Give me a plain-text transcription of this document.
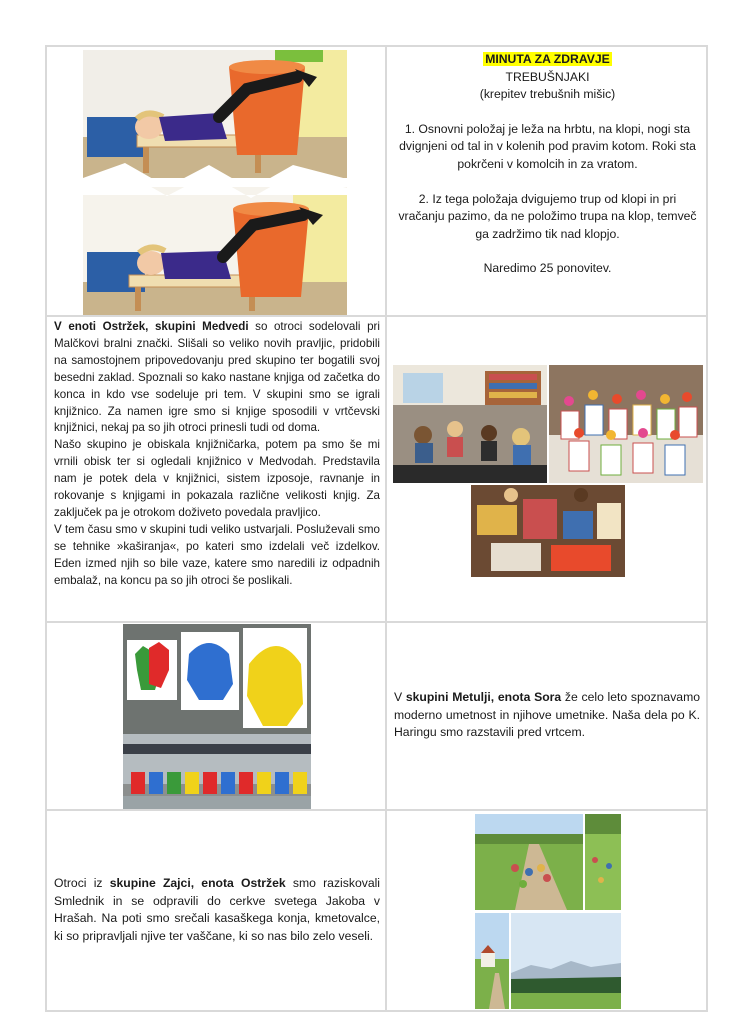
MINUTA ZA ZDRAVJE
TREBUŠNJAKI
(krepitev trebušnih mišic)
1. Osnovni položaj je leža na hrbtu, na klopi, nogi sta dvignjeni od tal in v kolenih pod pravim kotom. Roki sta pokrčeni v komolcih in za vratom.
2. Iz tega položaja dvigujemo trup od klopi in pri vračanju pazimo, da ne položimo trupa na klop, temveč ga zadržimo tik nad klopjo.
Naredimo 25 ponovitev.

V enoti Ostržek, skupini Medvedi so otroci sodelovali pri Malčkovi bralni znački. Slišali so veliko novih pravljic, pridobili na samostojnem pripovedovanju pred skupino ter bogatili svoj besedni zaklad. Spoznali so kako nastane knjiga od začetka do konca in kdo vse sodeluje pri tem. V skupini smo se igrali knjižnico. Za namen igre smo si knjige sposodili v vrtčevski knjižnici, nekaj pa so jih otroci prinesli tudi od doma.

Našo skupino je obiskala knjižničarka, potem pa smo še mi vrnili obisk ter si ogledali knjižnico v Medvodah. Predstavila nam je potek dela v knjižnici, sistem izposoje, ravnanje in rokovanje s knjigami in pokazala različne velikosti knjig. Za zaključek pa je otrokom doživeto povedala pravljico.

V tem času smo v skupini tudi veliko ustvarjali. Posluževali smo se tehnike »kaširanja«, po kateri smo izdelali več izdelkov. Eden izmed njih so bile vaze, katere smo naredili iz odpadnih embalaž, na koncu pa so jih otroci še poslikali.

V skupini Metulji, enota Sora že celo leto spoznavamo moderno umetnost in njihove umetnike. Naša dela po K. Haringu smo razstavili pred vrtcem.

Otroci iz skupine Zajci, enota Ostržek smo raziskovali Smlednik in se odpravili do cerkve svetega Jakoba v Hrašah. Na poti smo srečali kasaškega konja, kmetovalce, ki so pripravljali njive ter vaščane, ki so nas bilo zelo veseli.
